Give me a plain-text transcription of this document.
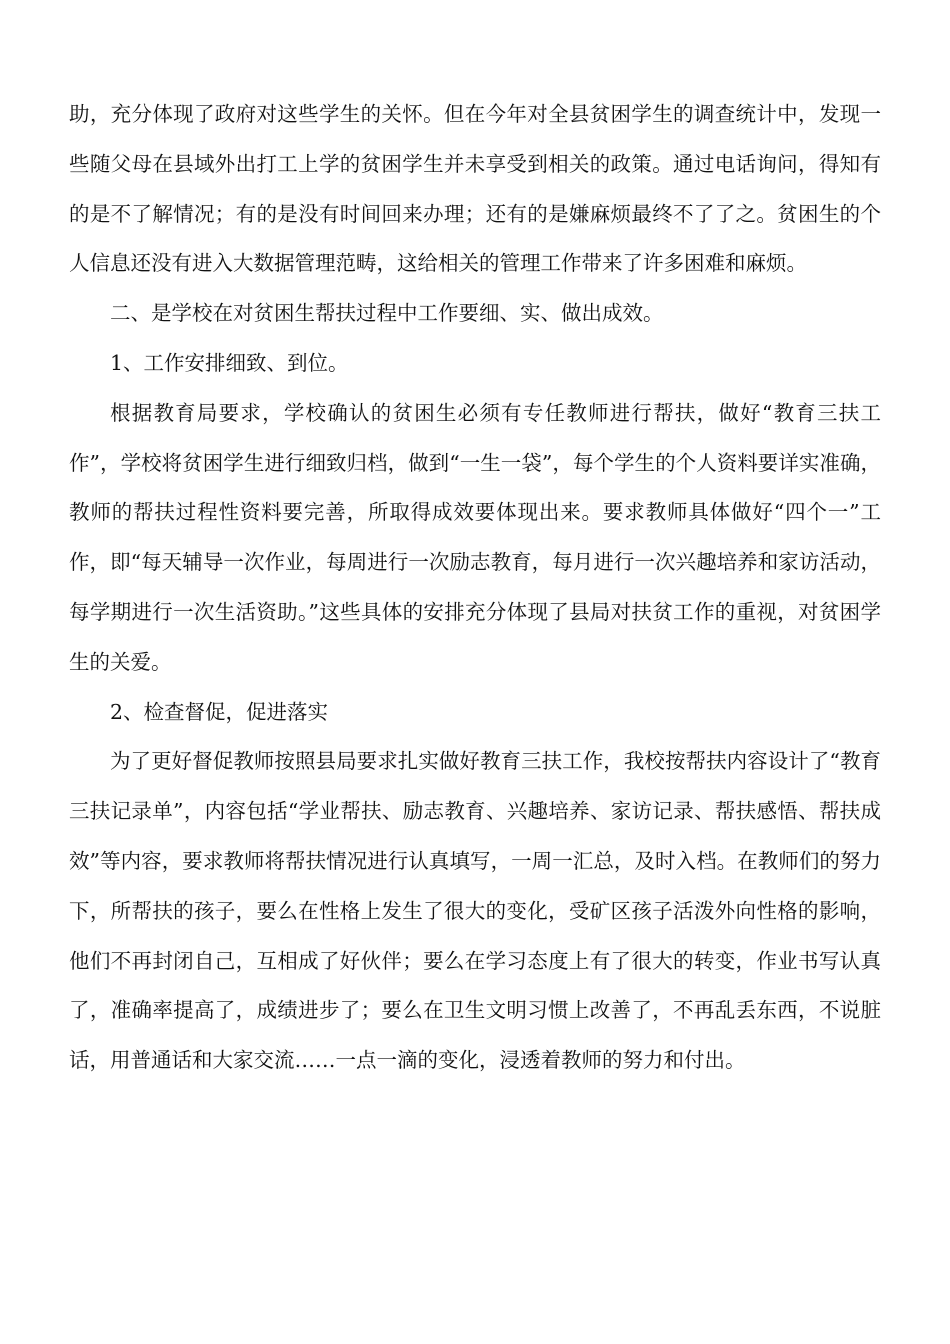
助，充分体现了政府对这些学生的关怀。但在今年对全县贫困学生的调查统计中，发现一些随父母在县域外出打工上学的贫困学生并未享受到相关的政策。通过电话询问，得知有的是不了解情况；有的是没有时间回来办理；还有的是嫌麻烦最终不了了之。贫困生的个人信息还没有进入大数据管理范畴，这给相关的管理工作带来了许多困难和麻烦。

二、是学校在对贫困生帮扶过程中工作要细、实、做出成效。

1、工作安排细致、到位。

根据教育局要求，学校确认的贫困生必须有专任教师进行帮扶，做好“教育三扶工作”，学校将贫困学生进行细致归档，做到“一生一袋”，每个学生的个人资料要详实准确，教师的帮扶过程性资料要完善，所取得成效要体现出来。要求教师具体做好“四个一”工作，即“每天辅导一次作业，每周进行一次励志教育，每月进行一次兴趣培养和家访活动，每学期进行一次生活资助。”这些具体的安排充分体现了县局对扶贫工作的重视，对贫困学生的关爱。

2、检查督促，促进落实

为了更好督促教师按照县局要求扎实做好教育三扶工作，我校按帮扶内容设计了“教育三扶记录单”，内容包括“学业帮扶、励志教育、兴趣培养、家访记录、帮扶感悟、帮扶成效”等内容，要求教师将帮扶情况进行认真填写，一周一汇总，及时入档。在教师们的努力下，所帮扶的孩子，要么在性格上发生了很大的变化，受矿区孩子活泼外向性格的影响，他们不再封闭自己，互相成了好伙伴；要么在学习态度上有了很大的转变，作业书写认真了，准确率提高了，成绩进步了；要么在卫生文明习惯上改善了，不再乱丢东西，不说脏话，用普通话和大家交流……一点一滴的变化，浸透着教师的努力和付出。
